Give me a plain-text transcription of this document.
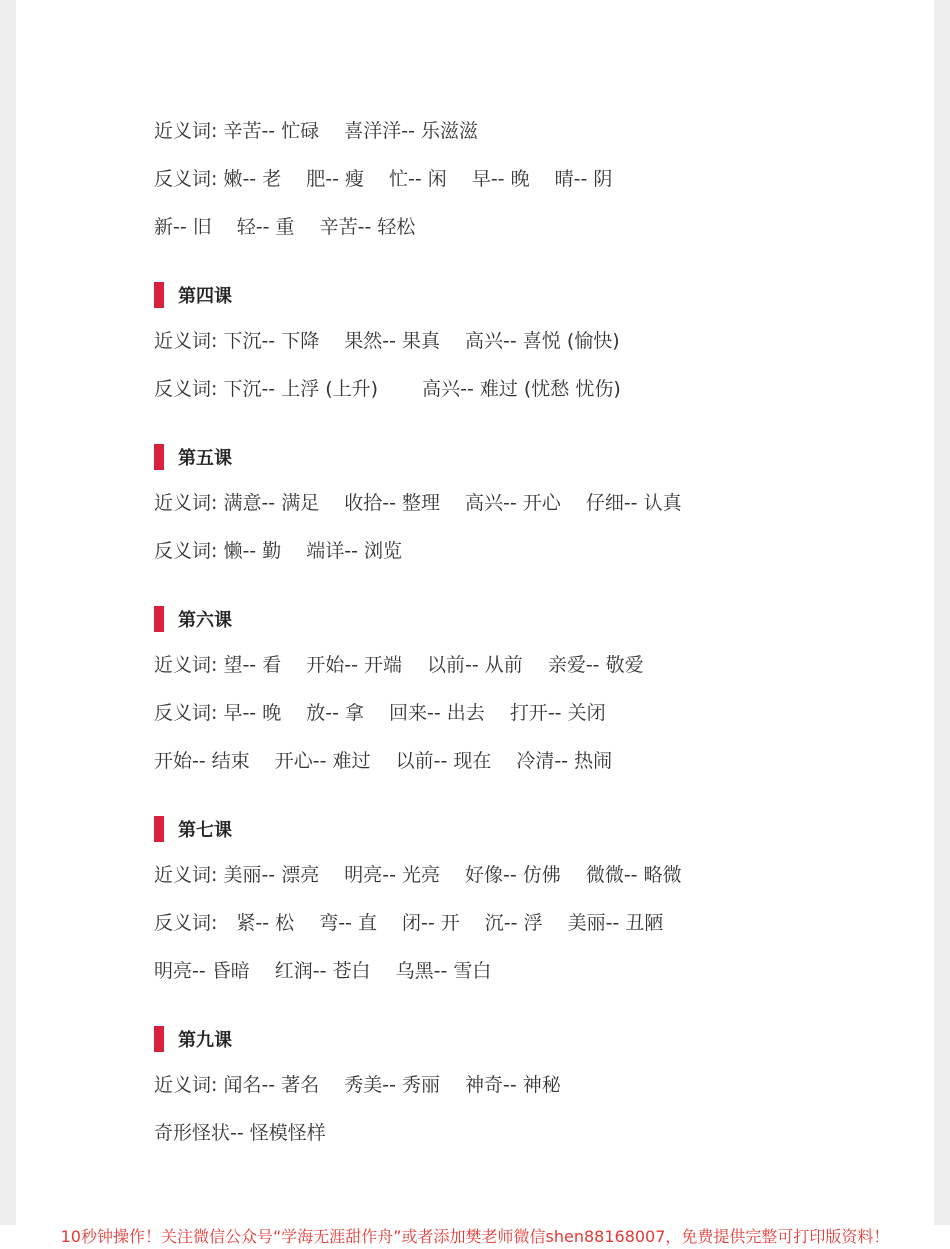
近义词: 辛苦-- 忙碌　 喜洋洋-- 乐滋滋
反义词: 嫩-- 老　 肥-- 瘦　 忙-- 闲　 早-- 晚　 晴-- 阴
新-- 旧　 轻-- 重　 辛苦-- 轻松
第四课
近义词: 下沉-- 下降　 果然-- 果真　 高兴-- 喜悦 (愉快)
反义词: 下沉-- 上浮 (上升)　　 高兴-- 难过 (忧愁 忧伤)
第五课
近义词: 满意-- 满足　 收拾-- 整理　 高兴-- 开心　 仔细-- 认真
反义词: 懒-- 勤　 端详-- 浏览
第六课
近义词: 望-- 看　 开始-- 开端　 以前-- 从前　 亲爱-- 敬爱
反义词: 早-- 晚　 放-- 拿　 回来-- 出去　 打开-- 关闭
开始-- 结束　 开心-- 难过　 以前-- 现在　 冷清-- 热闹
第七课
近义词: 美丽-- 漂亮　 明亮-- 光亮　 好像-- 仿佛　 微微-- 略微
反义词:　紧-- 松　 弯-- 直　 闭-- 开　 沉-- 浮　 美丽-- 丑陋
明亮-- 昏暗　 红润-- 苍白　 乌黑-- 雪白
第九课
近义词: 闻名-- 著名　 秀美-- 秀丽　 神奇-- 神秘
奇形怪状-- 怪模怪样
10秒钟操作！关注微信公众号“学海无涯甜作舟”或者添加樊老师微信shen88168007，免费提供完整可打印版资料！
